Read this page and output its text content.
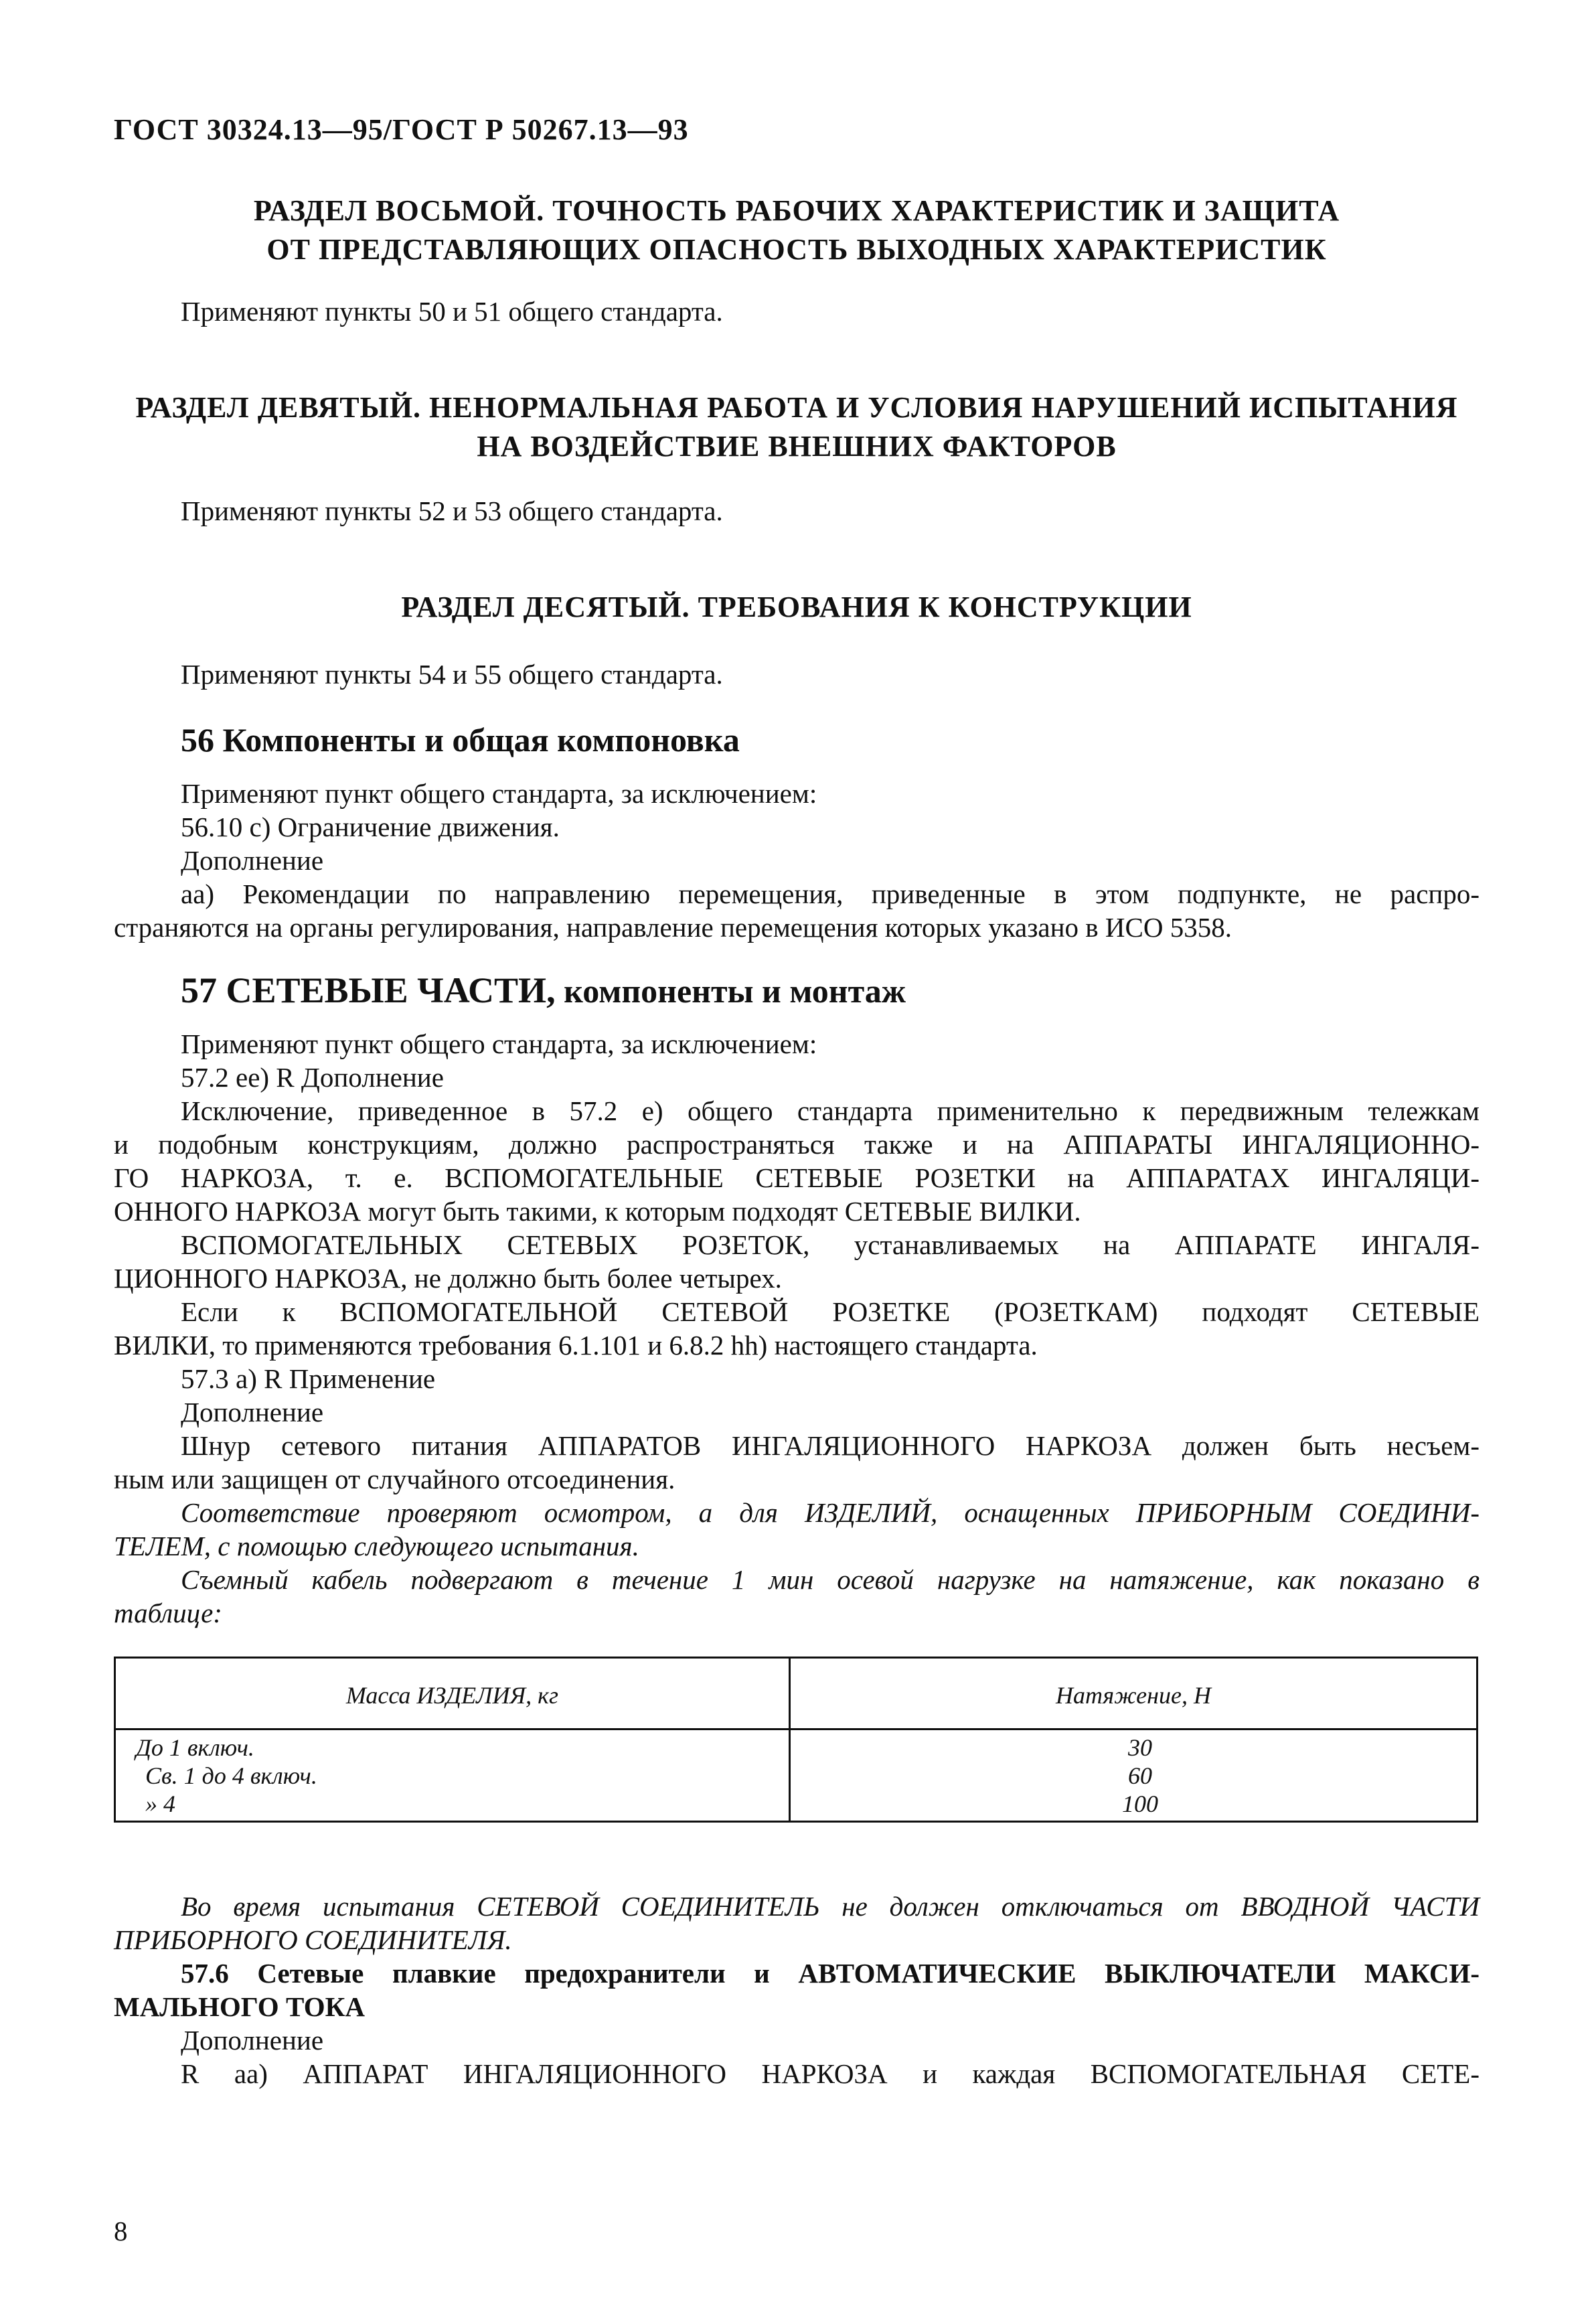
ГОСТ 30324.13—95/ГОСТ Р 50267.13—93
РАЗДЕЛ ВОСЬМОЙ. ТОЧНОСТЬ РАБОЧИХ ХАРАКТЕРИСТИК И ЗАЩИТА
ОТ ПРЕДСТАВЛЯЮЩИХ ОПАСНОСТЬ ВЫХОДНЫХ ХАРАКТЕРИСТИК
Применяют пункты 50 и 51 общего стандарта.
РАЗДЕЛ ДЕВЯТЫЙ. НЕНОРМАЛЬНАЯ РАБОТА И УСЛОВИЯ НАРУШЕНИЙ ИСПЫТАНИЯ
НА ВОЗДЕЙСТВИЕ ВНЕШНИХ ФАКТОРОВ
Применяют пункты 52 и 53 общего стандарта.
РАЗДЕЛ ДЕСЯТЫЙ. ТРЕБОВАНИЯ К КОНСТРУКЦИИ
Применяют пункты 54 и 55 общего стандарта.
56 Компоненты и общая компоновка
Применяют пункт общего стандарта, за исключением:
56.10 с) Ограничение движения.
Дополнение
аа) Рекомендации по направлению перемещения, приведенные в этом подпункте, не распро-
страняются на органы регулирования, направление перемещения которых указано в ИСО 5358.
57 СЕТЕВЫЕ ЧАСТИ, компоненты и монтаж
Применяют пункт общего стандарта, за исключением:
57.2 ее) R Дополнение
Исключение, приведенное в 57.2 е) общего стандарта применительно к передвижным тележкам
и подобным конструкциям, должно распространяться также и на АППАРАТЫ ИНГАЛЯЦИОННО-
ГО НАРКОЗА, т. е. ВСПОМОГАТЕЛЬНЫЕ СЕТЕВЫЕ РОЗЕТКИ на АППАРАТАХ ИНГАЛЯЦИ-
ОННОГО НАРКОЗА могут быть такими, к которым подходят СЕТЕВЫЕ ВИЛКИ.
ВСПОМОГАТЕЛЬНЫХ СЕТЕВЫХ РОЗЕТОК, устанавливаемых на АППАРАТЕ ИНГАЛЯ-
ЦИОННОГО НАРКОЗА, не должно быть более четырех.
Если к ВСПОМОГАТЕЛЬНОЙ СЕТЕВОЙ РОЗЕТКЕ (РОЗЕТКАМ) подходят СЕТЕВЫЕ
ВИЛКИ, то применяются требования 6.1.101 и 6.8.2 hh) настоящего стандарта.
57.3 а) R Применение
Дополнение
Шнур сетевого питания АППАРАТОВ ИНГАЛЯЦИОННОГО НАРКОЗА должен быть несъем-
ным или защищен от случайного отсоединения.
Соответствие проверяют осмотром, а для ИЗДЕЛИЙ, оснащенных ПРИБОРНЫМ СОЕДИНИ-
ТЕЛЕМ, с помощью следующего испытания.
Съемный кабель подвергают в течение 1 мин осевой нагрузке на натяжение, как показано в
таблице:
Масса ИЗДЕЛИЯ, кг	Натяжение, Н
До 1 включ.	30
Св. 1 до 4 включ.	60
» 4	100
Во время испытания СЕТЕВОЙ СОЕДИНИТЕЛЬ не должен отключаться от ВВОДНОЙ ЧАСТИ
ПРИБОРНОГО СОЕДИНИТЕЛЯ.
57.6 Сетевые плавкие предохранители и АВТОМАТИЧЕСКИЕ ВЫКЛЮЧАТЕЛИ МАКСИ-
МАЛЬНОГО ТОКА
Дополнение
R аа) АППАРАТ ИНГАЛЯЦИОННОГО НАРКОЗА и каждая ВСПОМОГАТЕЛЬНАЯ СЕТЕ-
8
